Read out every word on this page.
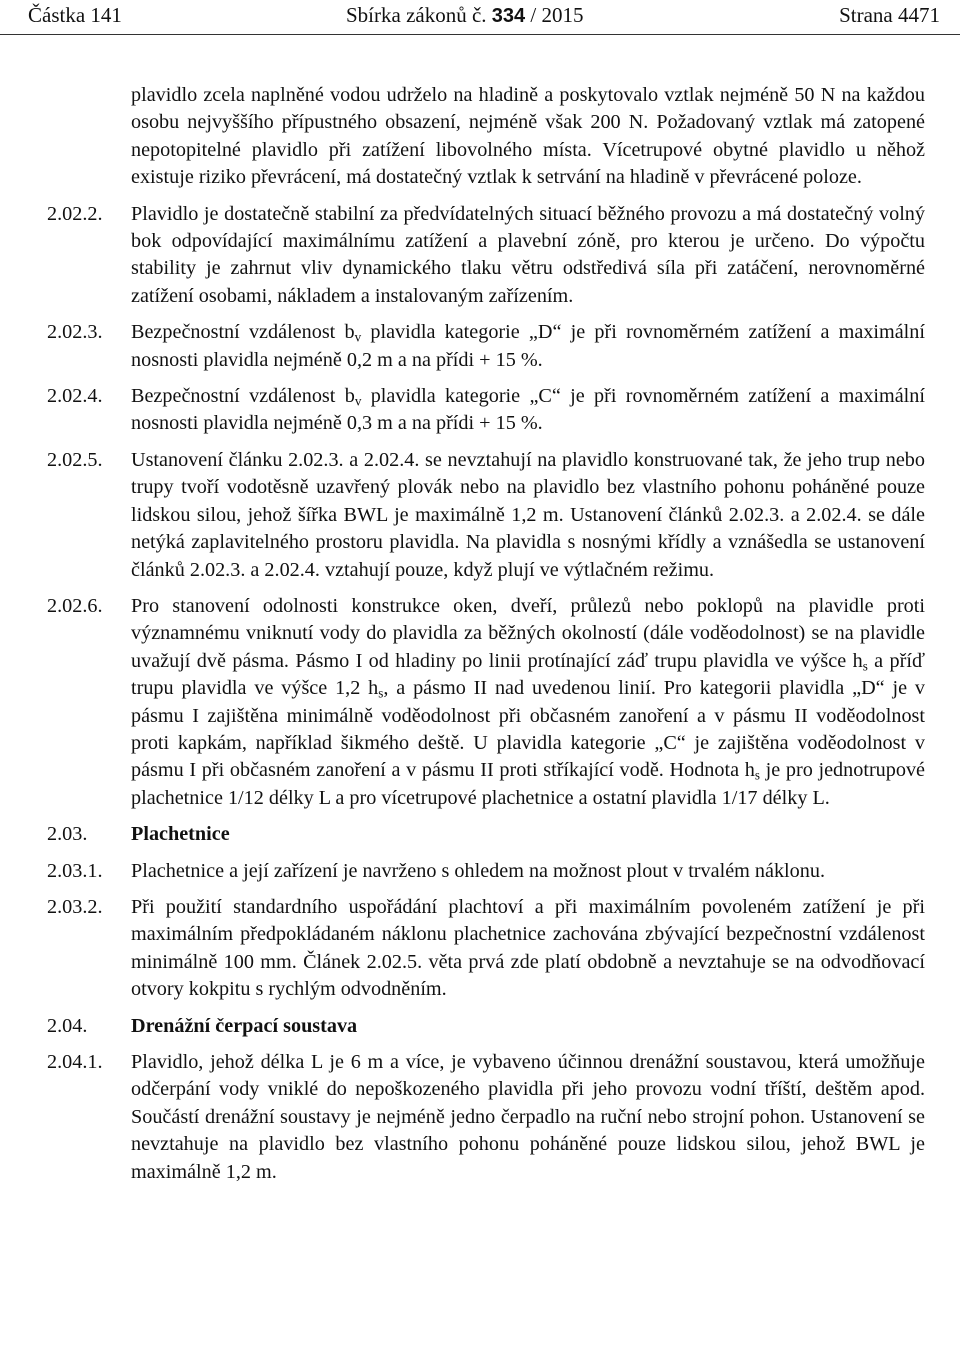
Částka 141	Sbírka zákonů č. 334 / 2015	Strana 4471
plavidlo zcela naplněné vodou udrželo na hladině a poskytovalo vztlak nejméně 50 N na každou osobu nejvyššího přípustného obsazení, nejméně však 200 N. Požadovaný vztlak má zatopené nepotopitelné plavidlo při zatížení libovolného místa. Vícetrupové obytné plavidlo u něhož existuje riziko převrácení, má dostatečný vztlak k setrvání na hladině v převrácené poloze.
2.02.2.	Plavidlo je dostatečně stabilní za předvídatelných situací běžného provozu a má dostatečný volný bok odpovídající maximálnímu zatížení a plavební zóně, pro kterou je určeno. Do výpočtu stability je zahrnut vliv dynamického tlaku větru odstředivá síla při zatáčení, nerovnoměrné zatížení osobami, nákladem a instalovaným zařízením.
2.02.3.	Bezpečnostní vzdálenost $b_v$ plavidla kategorie „D“ je při rovnoměrném zatížení a maximální nosnosti plavidla nejméně 0,2 m a na přídi + 15 %.
2.02.4.	Bezpečnostní vzdálenost $b_v$ plavidla kategorie „C“ je při rovnoměrném zatížení a maximální nosnosti plavidla nejméně 0,3 m a na přídi + 15 %.
2.02.5.	Ustanovení článku 2.02.3. a 2.02.4. se nevztahují na plavidlo konstruované tak, že jeho trup nebo trupy tvoří vodotěsně uzavřený plovák nebo na plavidlo bez vlastního pohonu poháněné pouze lidskou silou, jehož šířka BWL je maximálně 1,2 m. Ustanovení článků 2.02.3. a 2.02.4. se dále netýká zaplavitelného prostoru plavidla. Na plavidla s nosnými křídly a vznášedla se ustanovení článků 2.02.3. a 2.02.4. vztahují pouze, když plují ve výtlačném režimu.
2.02.6.	Pro stanovení odolnosti konstrukce oken, dveří, průlezů nebo poklopů na plavidle proti významnému vniknutí vody do plavidla za běžných okolností (dále voděodolnost) se na plavidle uvažují dvě pásma. Pásmo I od hladiny po linii protínající záď trupu plavidla ve výšce $h_s$ a příď trupu plavidla ve výšce 1,2 $h_s$, a pásmo II nad uvedenou linií. Pro kategorii plavidla „D“ je v pásmu I zajištěna minimálně voděodolnost při občasném zanoření a v pásmu II voděodolnost proti kapkám, například šikmého deště. U plavidla kategorie „C“ je zajištěna voděodolnost v pásmu I při občasném zanoření a v pásmu II proti stříkající vodě. Hodnota $h_s$ je pro jednotrupové plachetnice 1/12 délky L a pro vícetrupové plachetnice a ostatní plavidla 1/17 délky L.
2.03.	Plachetnice
2.03.1.	Plachetnice a její zařízení je navrženo s ohledem na možnost plout v trvalém náklonu.
2.03.2.	Při použití standardního uspořádání plachtoví a při maximálním povoleném zatížení je při maximálním předpokládaném náklonu plachetnice zachována zbývající bezpečnostní vzdálenost minimálně 100 mm. Článek 2.02.5. věta prvá zde platí obdobně a nevztahuje se na odvodňovací otvory kokpitu s rychlým odvodněním.
2.04.	Drenážní čerpací soustava
2.04.1.	Plavidlo, jehož délka L je 6 m a více, je vybaveno účinnou drenážní soustavou, která umožňuje odčerpání vody vniklé do nepoškozeného plavidla při jeho provozu vodní tříští, deštěm apod. Součástí drenážní soustavy je nejméně jedno čerpadlo na ruční nebo strojní pohon. Ustanovení se nevztahuje na plavidlo bez vlastního pohonu poháněné pouze lidskou silou, jehož BWL je maximálně 1,2 m.
